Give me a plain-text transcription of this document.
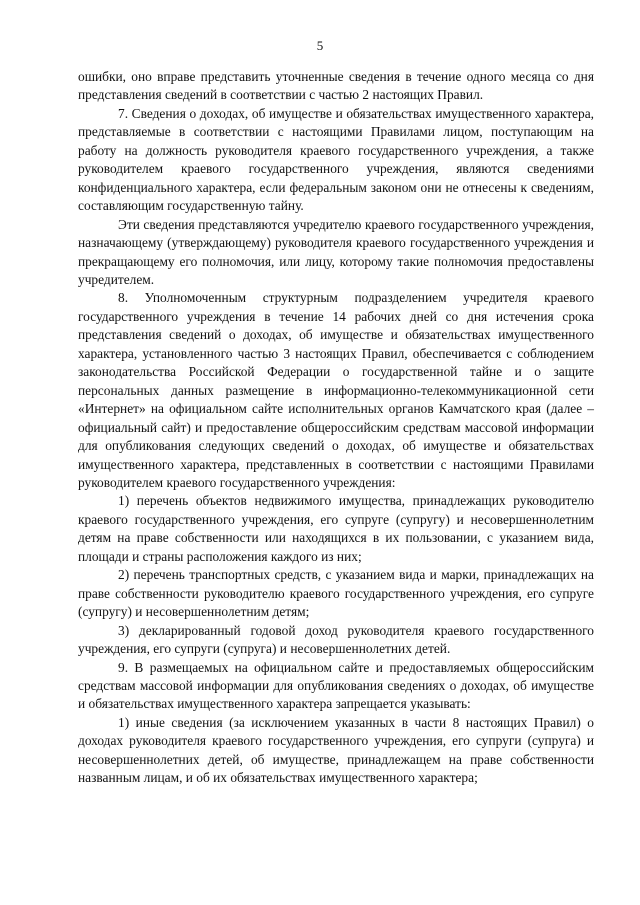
5

ошибки, оно вправе представить уточненные сведения в течение одного месяца со дня представления сведений в соответствии с частью 2 настоящих Правил.

7. Сведения о доходах, об имуществе и обязательствах имущественного характера, представляемые в соответствии с настоящими Правилами лицом, поступающим на работу на должность руководителя краевого государственного учреждения, а также руководителем краевого государственного учреждения, являются сведениями конфиденциального характера, если федеральным законом они не отнесены к сведениям, составляющим государственную тайну.

Эти сведения представляются учредителю краевого государственного учреждения, назначающему (утверждающему) руководителя краевого государственного учреждения и прекращающему его полномочия, или лицу, которому такие полномочия предоставлены учредителем.

8. Уполномоченным структурным подразделением учредителя краевого государственного учреждения в течение 14 рабочих дней со дня истечения срока представления сведений о доходах, об имуществе и обязательствах имущественного характера, установленного частью 3 настоящих Правил, обеспечивается с соблюдением законодательства Российской Федерации о государственной тайне и о защите персональных данных размещение в информационно-телекоммуникационной сети «Интернет» на официальном сайте исполнительных органов Камчатского края (далее – официальный сайт) и предоставление общероссийским средствам массовой информации для опубликования следующих сведений о доходах, об имуществе и обязательствах имущественного характера, представленных в соответствии с настоящими Правилами руководителем краевого государственного учреждения:

1) перечень объектов недвижимого имущества, принадлежащих руководителю краевого государственного учреждения, его супруге (супругу) и несовершеннолетним детям на праве собственности или находящихся в их пользовании, с указанием вида, площади и страны расположения каждого из них;

2) перечень транспортных средств, с указанием вида и марки, принадлежащих на праве собственности руководителю краевого государственного учреждения, его супруге (супругу) и несовершеннолетним детям;

3) декларированный годовой доход руководителя краевого государственного учреждения, его супруги (супруга) и несовершеннолетних детей.

9. В размещаемых на официальном сайте и предоставляемых общероссийским средствам массовой информации для опубликования сведениях о доходах, об имуществе и обязательствах имущественного характера запрещается указывать:

1) иные сведения (за исключением указанных в части 8 настоящих Правил) о доходах руководителя краевого государственного учреждения, его супруги (супруга) и несовершеннолетних детей, об имуществе, принадлежащем на праве собственности названным лицам, и об их обязательствах имущественного характера;
